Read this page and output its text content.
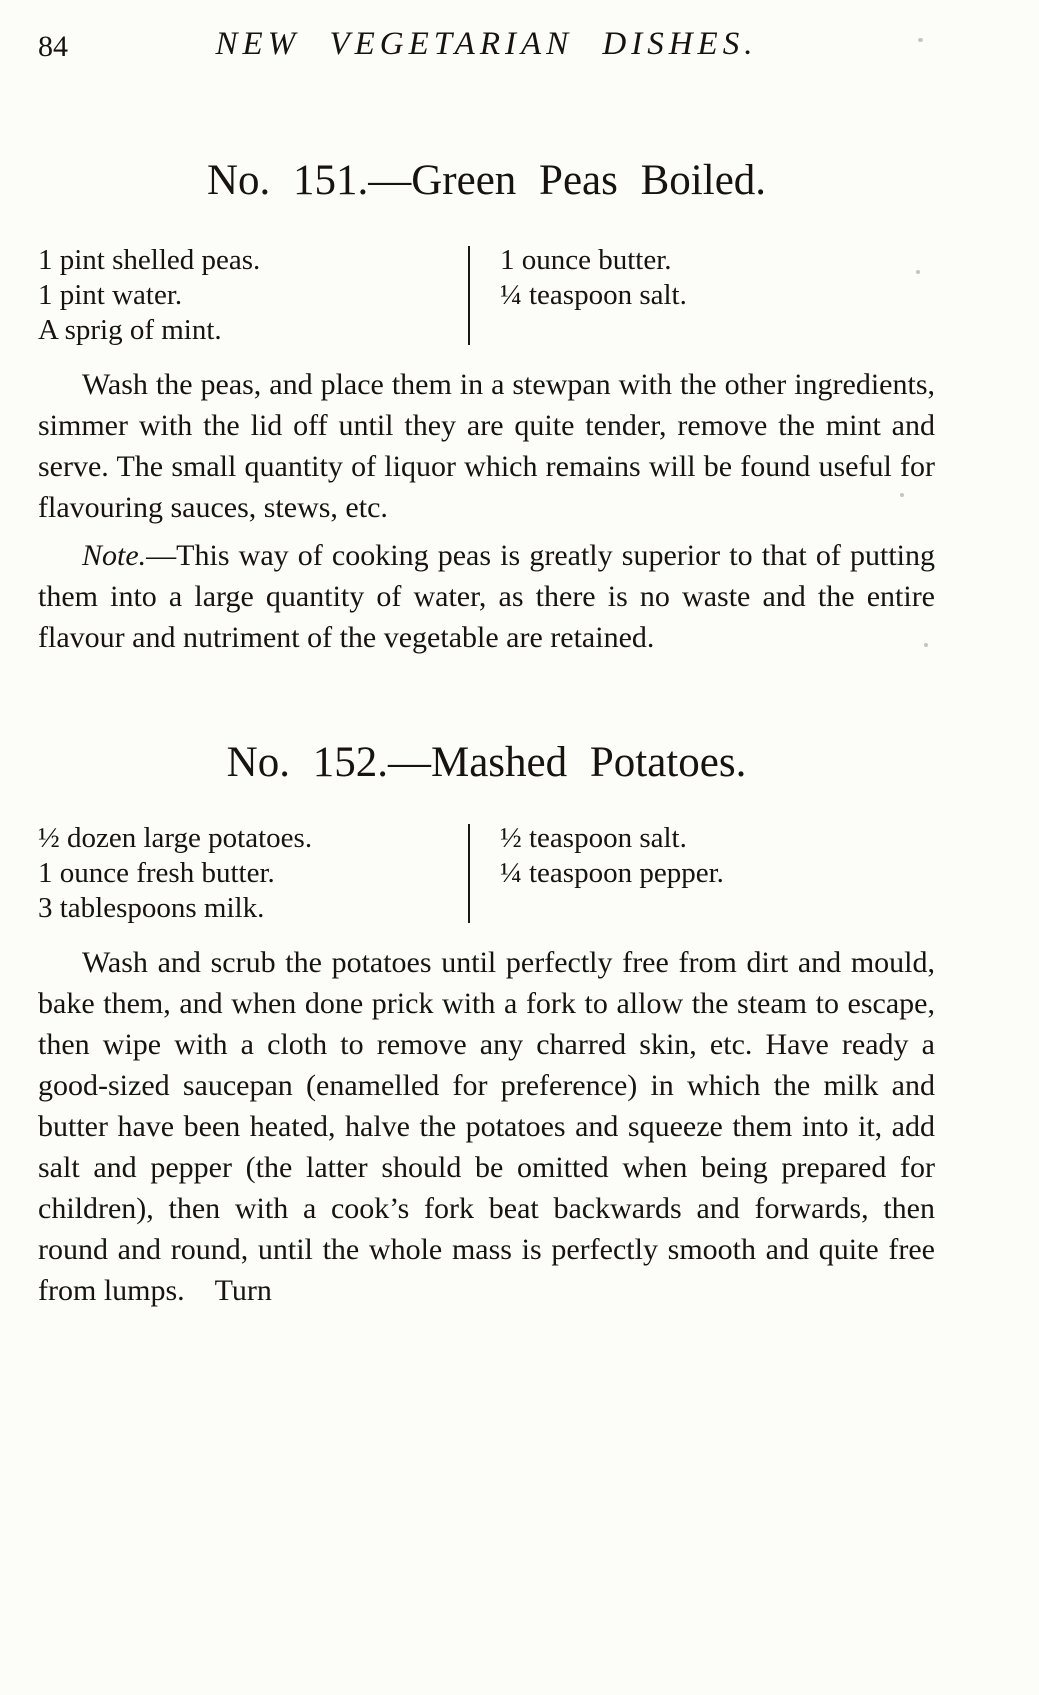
84	NEW VEGETARIAN DISHES.
No. 151.—Green Peas Boiled.
1 pint shelled peas.
1 pint water.
A sprig of mint.
1 ounce butter.
¼ teaspoon salt.

Wash the peas, and place them in a stewpan with the other ingredients, simmer with the lid off until they are quite tender, remove the mint and serve. The small quantity of liquor which remains will be found useful for flavouring sauces, stews, etc.

Note.—This way of cooking peas is greatly superior to that of putting them into a large quantity of water, as there is no waste and the entire flavour and nutriment of the vegetable are retained.

No. 152.—Mashed Potatoes.
½ dozen large potatoes.
1 ounce fresh butter.
3 tablespoons milk.
½ teaspoon salt.
¼ teaspoon pepper.

Wash and scrub the potatoes until perfectly free from dirt and mould, bake them, and when done prick with a fork to allow the steam to escape, then wipe with a cloth to remove any charred skin, etc. Have ready a good-sized saucepan (enamelled for preference) in which the milk and butter have been heated, halve the potatoes and squeeze them into it, add salt and pepper (the latter should be omitted when being prepared for children), then with a cook’s fork beat backwards and forwards, then round and round, until the whole mass is perfectly smooth and quite free from lumps. Turn
